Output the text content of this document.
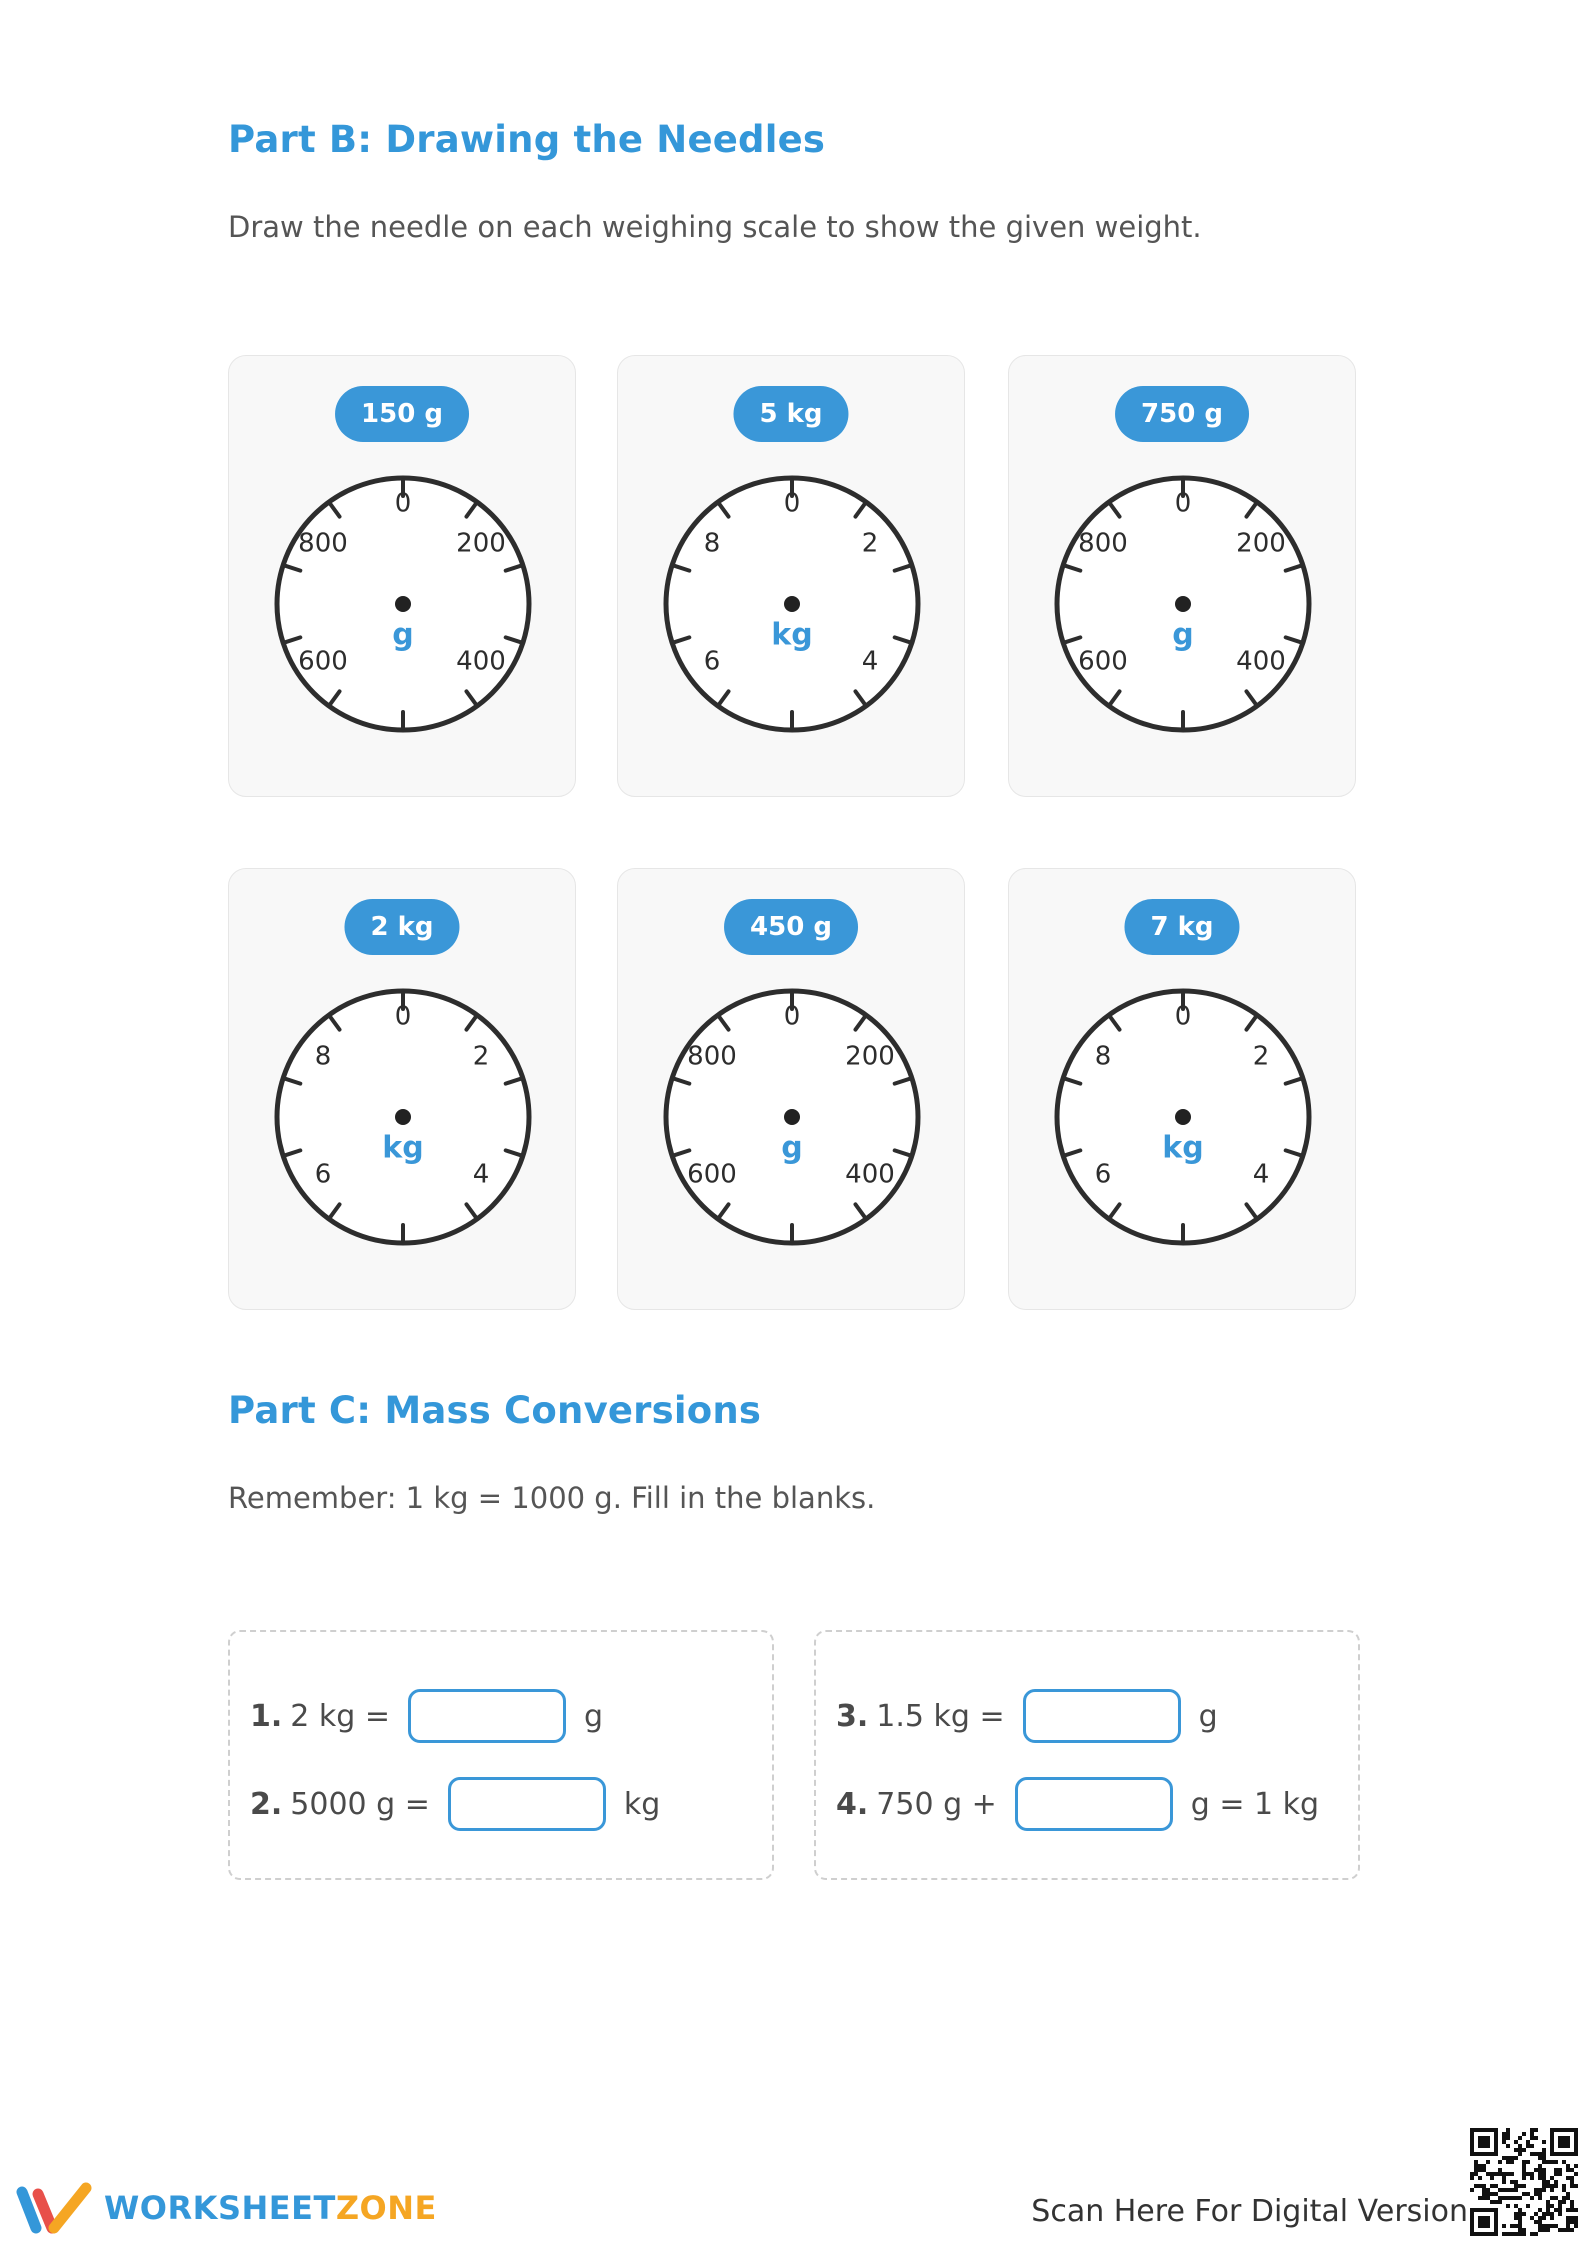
Part B: Drawing the Needles

Draw the needle on each weighing scale to show the given weight.

150 g
0
200
400
600
800
g
5 kg
0
2
4
6
8
kg
750 g
0
200
400
600
800
g
2 kg
0
2
4
6
8
kg
450 g
0
200
400
600
800
g
7 kg
0
2
4
6
8
kg
Part C: Mass Conversions

Remember: 1 kg = 1000 g. Fill in the blanks.

1. 2 kg =	g
2. 5000 g =	kg
3. 1.5 kg =	g
4. 750 g +	g = 1 kg
WORKSHEETZONE	Scan Here For Digital Version
